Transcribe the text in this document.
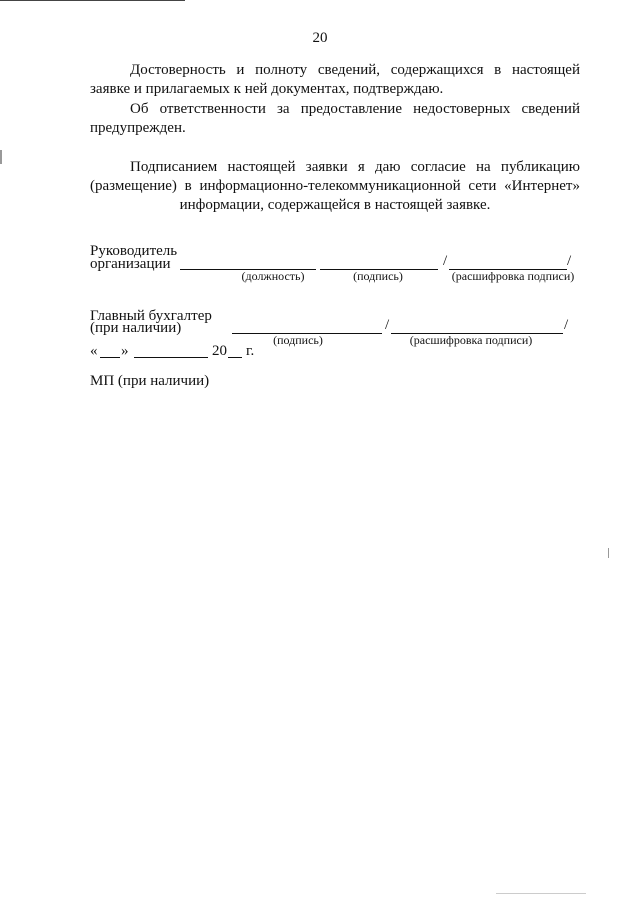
20

Достоверность и полноту сведений, содержащихся в настоящей
заявке и прилагаемых к ней документах, подтверждаю.

Об ответственности за предоставление недостоверных сведений
предупрежден.

Подписанием настоящей заявки я даю согласие на публикацию
(размещение) в информационно-телекоммуникационной сети «Интернет»
информации, содержащейся в настоящей заявке.

Руководитель
организации	/	/
(должность)	(подпись)	(расшифровка подписи)
Главный бухгалтер
(при наличии)	/	/
(подпись)	(расшифровка подписи)
« »	20 г.
МП (при наличии)
